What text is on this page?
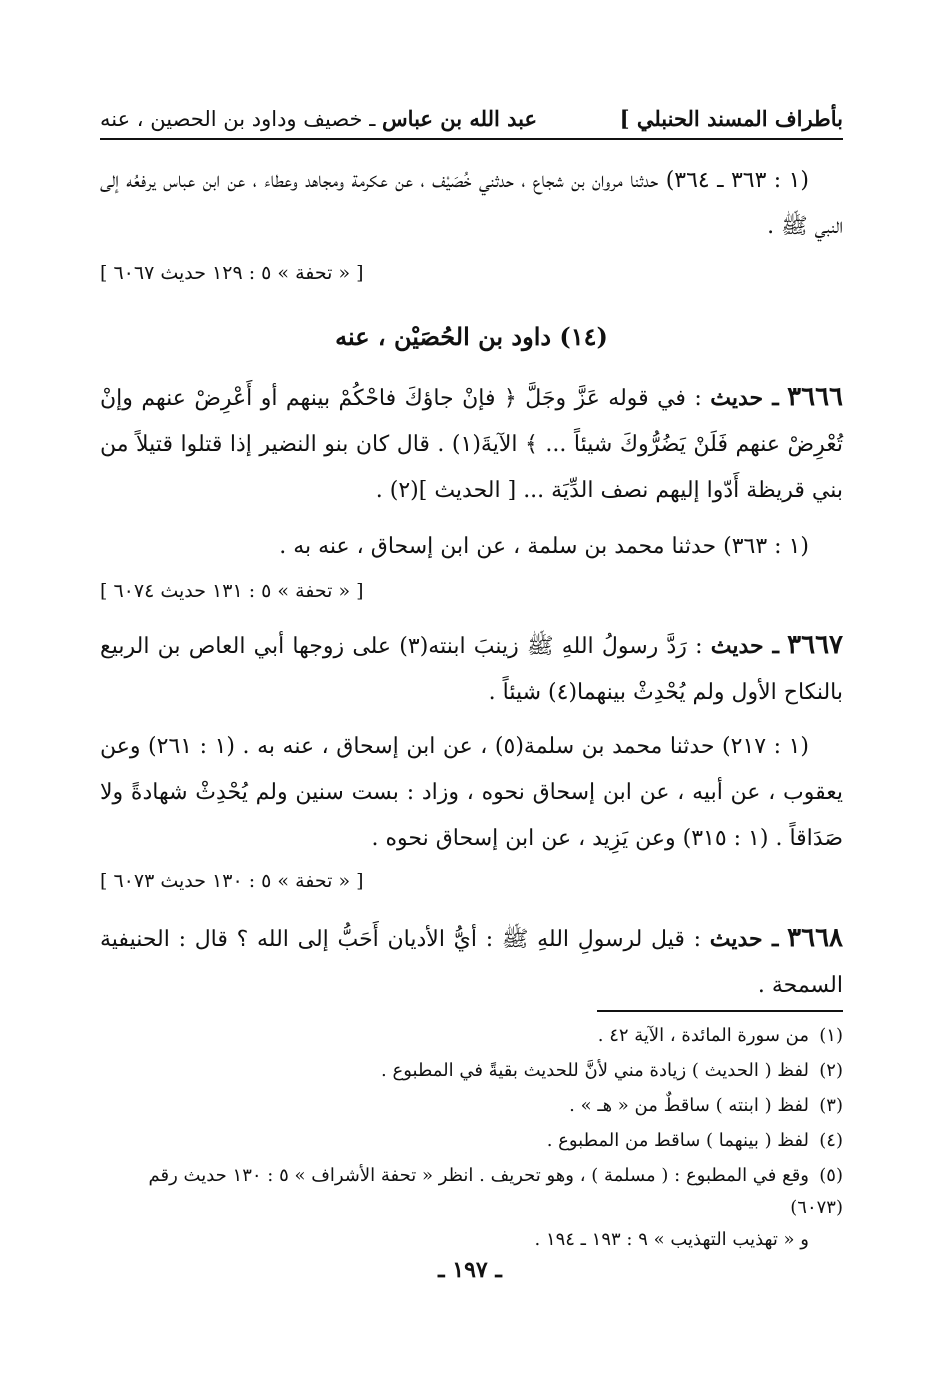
بأطراف المسند الحنبلي ]
عبد الله بن عباس ـ خصيف وداود بن الحصين ، عنه

(١ : ٣٦٣ ـ ٣٦٤) حدثنا مروان بن شجاع ، حدثني خُصَيْف ، عن عكرمة ومجاهد وعطاء ، عن ابن عباس يرفعُه إلى النبي ﷺ .

[ « تحفة » ٥ : ١٢٩ حديث ٦٠٦٧ ]
(١٤) داود بن الحُصَيْن ، عنه

٣٦٦٦ ـ حديث : في قوله عَزَّ وجَلَّ ﴿ فإنْ جاؤكَ فاحْكُمْ بينهم أو أَعْرِضْ عنهم وإنْ تُعْرِضْ عنهم فَلَنْ يَضُرُّوكَ شيئاً ... ﴾ الآيةَ(١) . قال كان بنو النضير إذا قتلوا قتيلاً من بني قريظة أَدّوا إليهم نصف الدِّيَة ... [ الحديث ](٢) .

(١ : ٣٦٣) حدثنا محمد بن سلمة ، عن ابن إسحاق ، عنه به .

[ « تحفة » ٥ : ١٣١ حديث ٦٠٧٤ ]

٣٦٦٧ ـ حديث : رَدَّ رسولُ اللهِ ﷺ زينبَ ابنته(٣) على زوجها أبي العاص بن الربيع بالنكاح الأول ولم يُحْدِثْ بينهما(٤) شيئاً .

(١ : ٢١٧) حدثنا محمد بن سلمة(٥) ، عن ابن إسحاق ، عنه به . (١ : ٢٦١) وعن يعقوب ، عن أبيه ، عن ابن إسحاق نحوه ، وزاد : بست سنين ولم يُحْدِثْ شهادةً ولا صَدَاقاً . (١ : ٣١٥) وعن يَزِيد ، عن ابن إسحاق نحوه .

[ « تحفة » ٥ : ١٣٠ حديث ٦٠٧٣ ]

٣٦٦٨ ـ حديث : قيل لرسولِ اللهِ ﷺ : أيُّ الأديان أَحَبُّ إلى الله ؟ قال : الحنيفية السمحة .

(١)من سورة المائدة ، الآية ٤٢ .
(٢)لفظ ( الحديث ) زيادة مني لأنَّ للحديث بقيةً في المطبوع .
(٣)لفظ ( ابنته ) ساقطٌ من « هـ » .
(٤)لفظ ( بينهما ) ساقط من المطبوع .
(٥)وقع في المطبوع : ( مسلمة ) ، وهو تحريف . انظر « تحفة الأشراف » ٥ : ١٣٠ حديث رقم (٦٠٧٣)
و « تهذيب التهذيب » ٩ : ١٩٣ ـ ١٩٤ .
ـ ١٩٧ ـ
